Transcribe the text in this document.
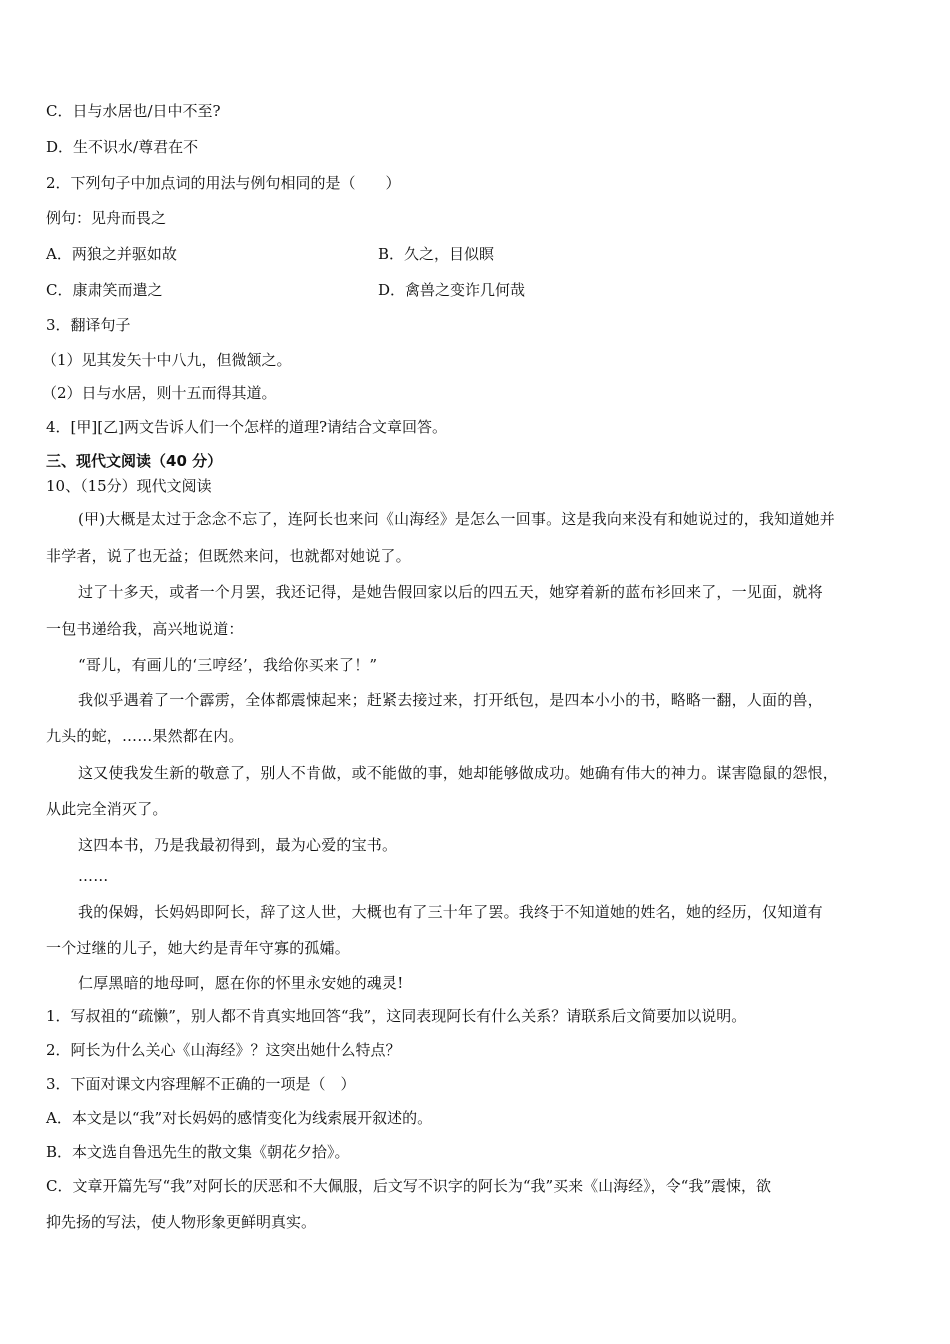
C．日与水居也/日中不至?
D．生不识水/尊君在不
2．下列句子中加点词的用法与例句相同的是（　　）
例句：见舟而畏之
A．两狼之并驱如故	B．久之，目似瞑
C．康肃笑而遣之	D．禽兽之变诈几何哉
3．翻译句子
（1）见其发矢十中八九，但微颔之。
（2）日与水居，则十五而得其道。
4．[甲][乙]两文告诉人们一个怎样的道理?请结合文章回答。
三、现代文阅读（40 分）
10、（15分）现代文阅读
(甲)大概是太过于念念不忘了，连阿长也来问《山海经》是怎么一回事。这是我向来没有和她说过的，我知道她并
非学者，说了也无益；但既然来问，也就都对她说了。
过了十多天，或者一个月罢，我还记得，是她告假回家以后的四五天，她穿着新的蓝布衫回来了，一见面，就将
一包书递给我，高兴地说道：
“哥儿，有画儿的‘三哼经’，我给你买来了！”
我似乎遇着了一个霹雳，全体都震悚起来；赶紧去接过来，打开纸包，是四本小小的书，略略一翻，人面的兽，
九头的蛇，……果然都在内。
这又使我发生新的敬意了，别人不肯做，或不能做的事，她却能够做成功。她确有伟大的神力。谋害隐鼠的怨恨，
从此完全消灭了。
这四本书，乃是我最初得到，最为心爱的宝书。
……
我的保姆，长妈妈即阿长，辞了这人世，大概也有了三十年了罢。我终于不知道她的姓名，她的经历，仅知道有
一个过继的儿子，她大约是青年守寡的孤孀。
仁厚黑暗的地母呵，愿在你的怀里永安她的魂灵!
1．写叔祖的“疏懒”，别人都不肯真实地回答“我”，这同表现阿长有什么关系？请联系后文简要加以说明。
2．阿长为什么关心《山海经》？这突出她什么特点？
3．下面对课文内容理解不正确的一项是（　）
A．本文是以“我”对长妈妈的感情变化为线索展开叙述的。
B．本文选自鲁迅先生的散文集《朝花夕拾》。
C．文章开篇先写“我”对阿长的厌恶和不大佩服，后文写不识字的阿长为“我”买来《山海经》，令“我”震悚，欲
抑先扬的写法，使人物形象更鲜明真实。
